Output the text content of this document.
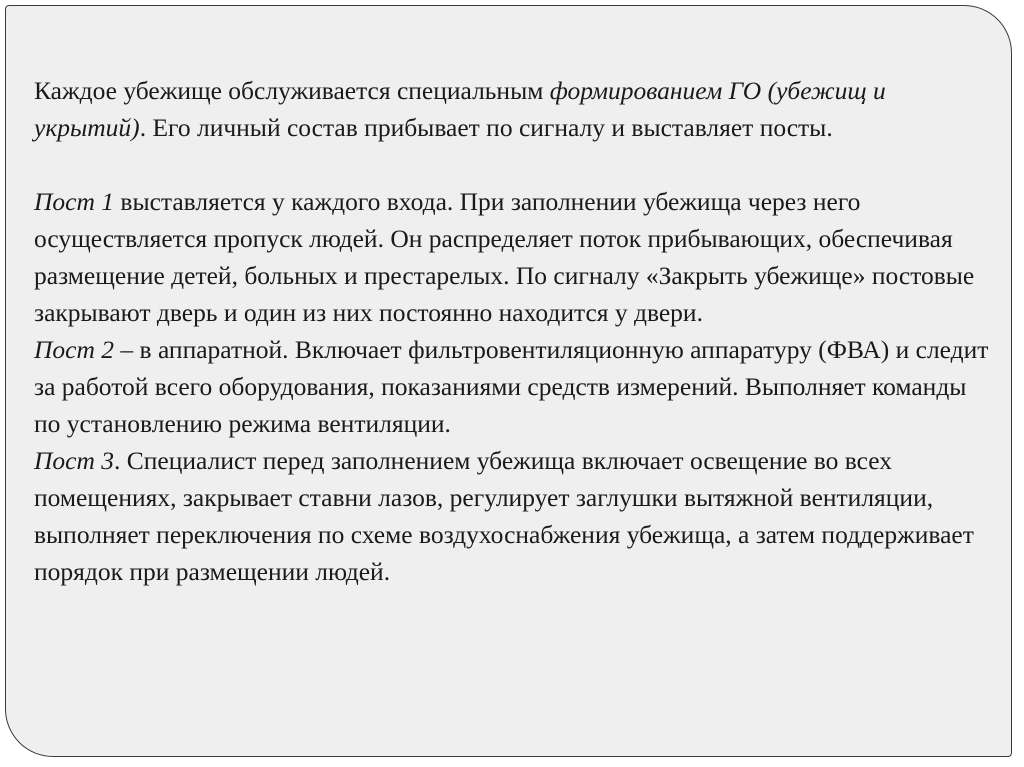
Каждое убежище обслуживается специальным формированием ГО (убежищ и укрытий). Его личный состав прибывает по сигналу и выставляет посты.

Пост 1 выставляется у каждого входа. При заполнении убежища через него осуществляется пропуск людей. Он распределяет поток прибывающих, обеспечивая размещение детей, больных и престарелых. По сигналу «Закрыть убежище» постовые закрывают дверь и один из них постоянно находится у двери.

Пост 2 – в аппаратной. Включает фильтровентиляционную аппаратуру (ФВА) и следит за работой всего оборудования, показаниями средств измерений. Выполняет команды по установлению режима вентиляции.

Пост 3. Специалист перед заполнением убежища включает освещение во всех помещениях, закрывает ставни лазов, регулирует заглушки вытяжной вентиляции, выполняет переключения по схеме воздухоснабжения убежища, а затем поддерживает порядок при размещении людей.
